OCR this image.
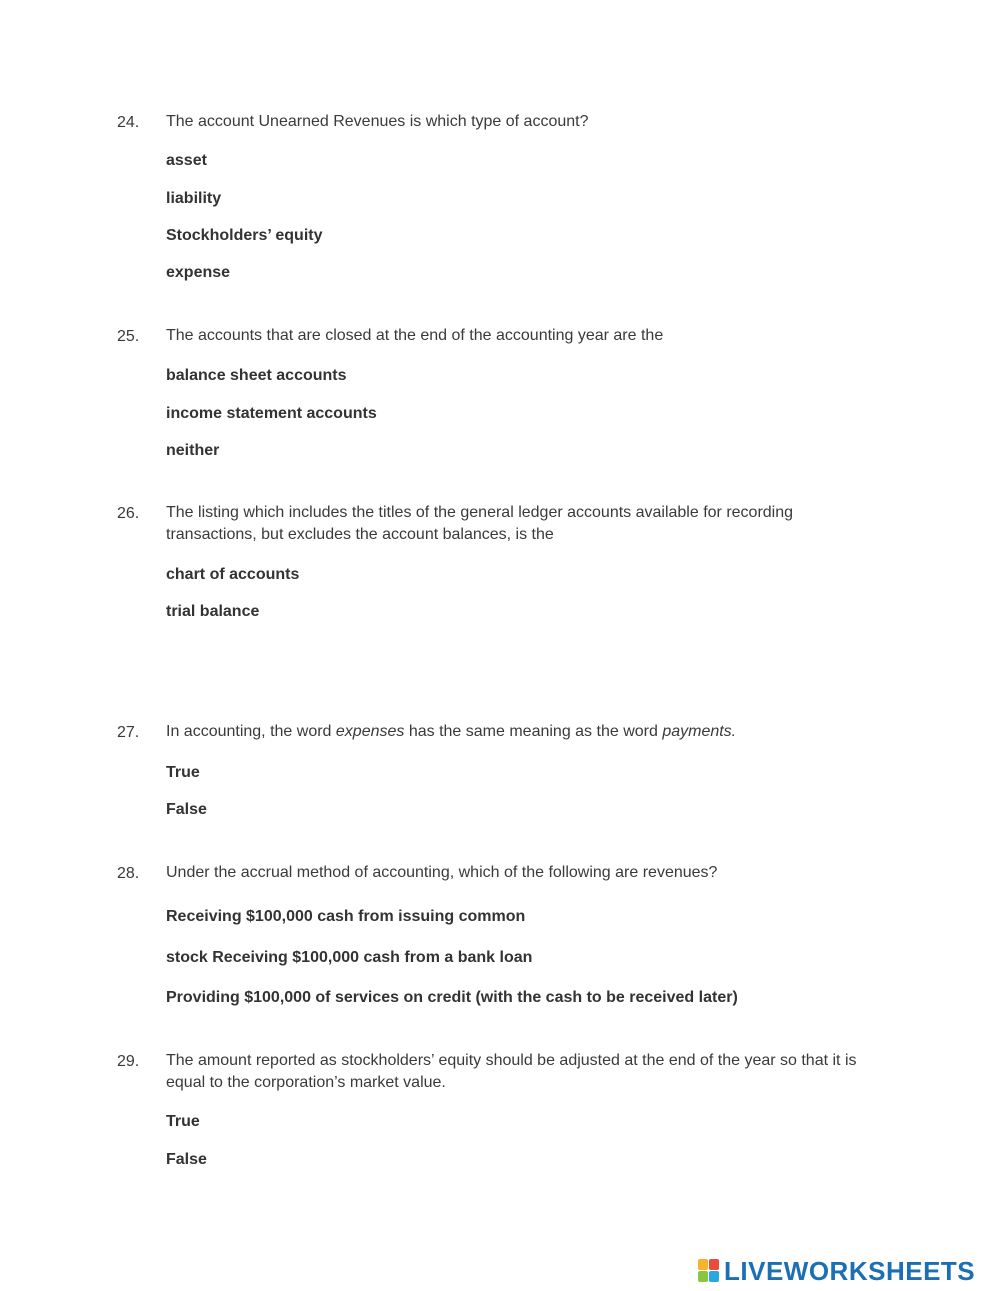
24. The account Unearned Revenues is which type of account?
asset
liability
Stockholders’ equity
expense
25. The accounts that are closed at the end of the accounting year are the
balance sheet accounts
income statement accounts
neither
26. The listing which includes the titles of the general ledger accounts available for recording transactions, but excludes the account balances, is the
chart of accounts
trial balance
27. In accounting, the word expenses has the same meaning as the word payments.
True
False
28. Under the accrual method of accounting, which of the following are revenues?
Receiving $100,000 cash from issuing common
stock Receiving $100,000 cash from a bank loan
Providing $100,000 of services on credit (with the cash to be received later)
29. The amount reported as stockholders’ equity should be adjusted at the end of the year so that it is equal to the corporation’s market value.
True
False
LIVEWORKSHEETS
